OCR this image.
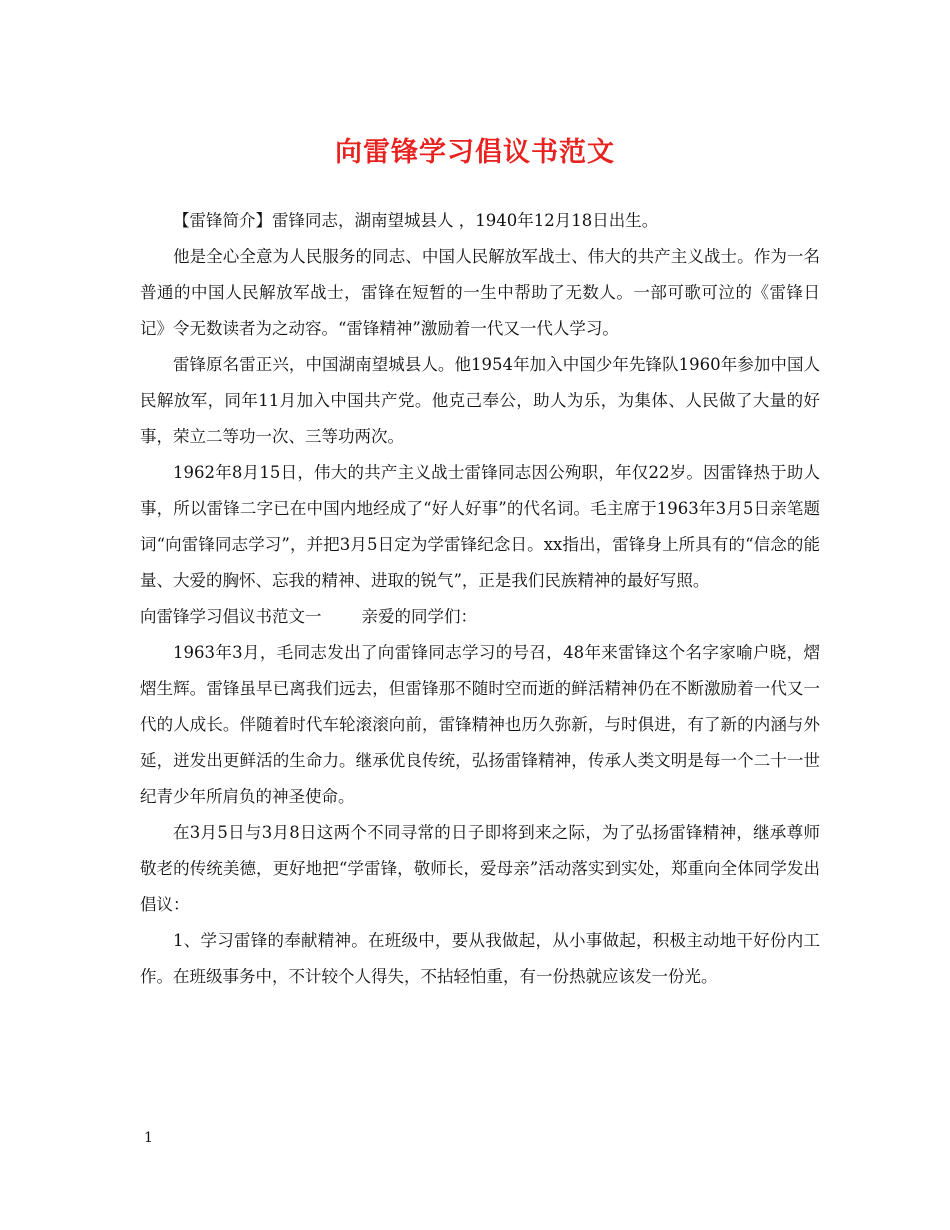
向雷锋学习倡议书范文

【雷锋简介】雷锋同志，湖南望城县人 ，1940年12月18日出生。

他是全心全意为人民服务的同志、中国人民解放军战士、伟大的共产主义战士。作为一名普通的中国人民解放军战士，雷锋在短暂的一生中帮助了无数人。一部可歌可泣的《雷锋日记》令无数读者为之动容。“雷锋精神”激励着一代又一代人学习。

雷锋原名雷正兴，中国湖南望城县人。他1954年加入中国少年先锋队1960年参加中国人民解放军，同年11月加入中国共产党。他克己奉公，助人为乐，为集体、人民做了大量的好事，荣立二等功一次、三等功两次。

1962年8月15日，伟大的共产主义战士雷锋同志因公殉职，年仅22岁。因雷锋热于助人事，所以雷锋二字已在中国内地经成了“好人好事”的代名词。毛主席于1963年3月5日亲笔题词“向雷锋同志学习”，并把3月5日定为学雷锋纪念日。xx指出，雷锋身上所具有的“信念的能量、大爱的胸怀、忘我的精神、进取的锐气”，正是我们民族精神的最好写照。

向雷锋学习倡议书范文一 亲爱的同学们：

1963年3月，毛同志发出了向雷锋同志学习的号召，48年来雷锋这个名字家喻户晓，熠熠生辉。雷锋虽早已离我们远去，但雷锋那不随时空而逝的鲜活精神仍在不断激励着一代又一代的人成长。伴随着时代车轮滚滚向前，雷锋精神也历久弥新，与时俱进，有了新的内涵与外延，迸发出更鲜活的生命力。继承优良传统，弘扬雷锋精神，传承人类文明是每一个二十一世纪青少年所肩负的神圣使命。

在3月5日与3月8日这两个不同寻常的日子即将到来之际，为了弘扬雷锋精神，继承尊师敬老的传统美德，更好地把“学雷锋，敬师长，爱母亲”活动落实到实处，郑重向全体同学发出倡议：

1、学习雷锋的奉献精神。在班级中，要从我做起，从小事做起，积极主动地干好份内工作。在班级事务中，不计较个人得失，不拈轻怕重，有一份热就应该发一份光。

1
